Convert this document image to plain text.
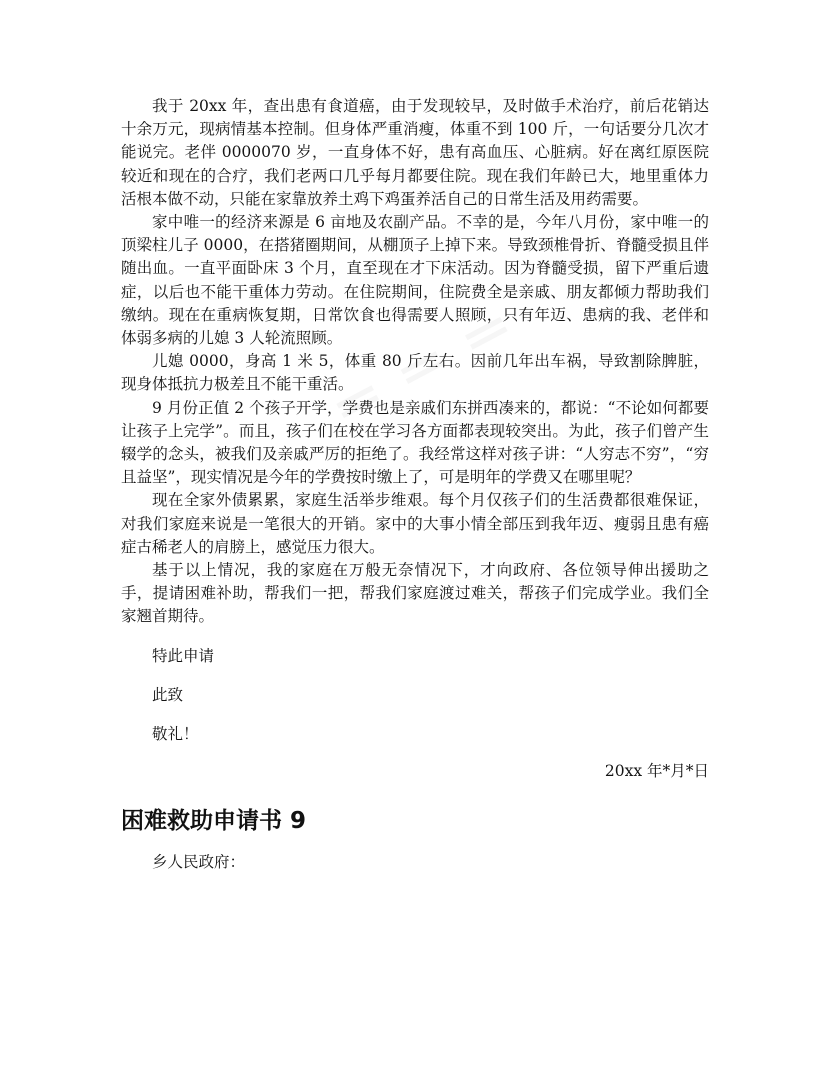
我于 20xx 年，查出患有食道癌，由于发现较早，及时做手术治疗，前后花销达十余万元，现病情基本控制。但身体严重消瘦，体重不到 100 斤，一句话要分几次才能说完。老伴 0000070 岁，一直身体不好，患有高血压、心脏病。好在离红原医院较近和现在的合疗，我们老两口几乎每月都要住院。现在我们年龄已大，地里重体力活根本做不动，只能在家靠放养土鸡下鸡蛋养活自己的日常生活及用药需要。

家中唯一的经济来源是 6 亩地及农副产品。不幸的是，今年八月份，家中唯一的顶梁柱儿子 0000，在搭猪圈期间，从棚顶子上掉下来。导致颈椎骨折、脊髓受损且伴随出血。一直平面卧床 3 个月，直至现在才下床活动。因为脊髓受损，留下严重后遗症，以后也不能干重体力劳动。在住院期间，住院费全是亲戚、朋友都倾力帮助我们缴纳。现在在重病恢复期，日常饮食也得需要人照顾，只有年迈、患病的我、老伴和体弱多病的儿媳 3 人轮流照顾。

儿媳 0000，身高 1 米 5，体重 80 斤左右。因前几年出车祸，导致割除脾脏，现身体抵抗力极差且不能干重活。

9 月份正值 2 个孩子开学，学费也是亲戚们东拼西凑来的，都说：“不论如何都要让孩子上完学”。而且，孩子们在校在学习各方面都表现较突出。为此，孩子们曾产生辍学的念头，被我们及亲戚严厉的拒绝了。我经常这样对孩子讲：“人穷志不穷”，“穷且益坚”，现实情况是今年的学费按时缴上了，可是明年的学费又在哪里呢？

现在全家外债累累，家庭生活举步维艰。每个月仅孩子们的生活费都很难保证，对我们家庭来说是一笔很大的开销。家中的大事小情全部压到我年迈、瘦弱且患有癌症古稀老人的肩膀上，感觉压力很大。

基于以上情况，我的家庭在万般无奈情况下，才向政府、各位领导伸出援助之手，提请困难补助，帮我们一把，帮我们家庭渡过难关，帮孩子们完成学业。我们全家翘首期待。

特此申请

此致

敬礼！

20xx 年*月*日

困难救助申请书 9

乡人民政府：
